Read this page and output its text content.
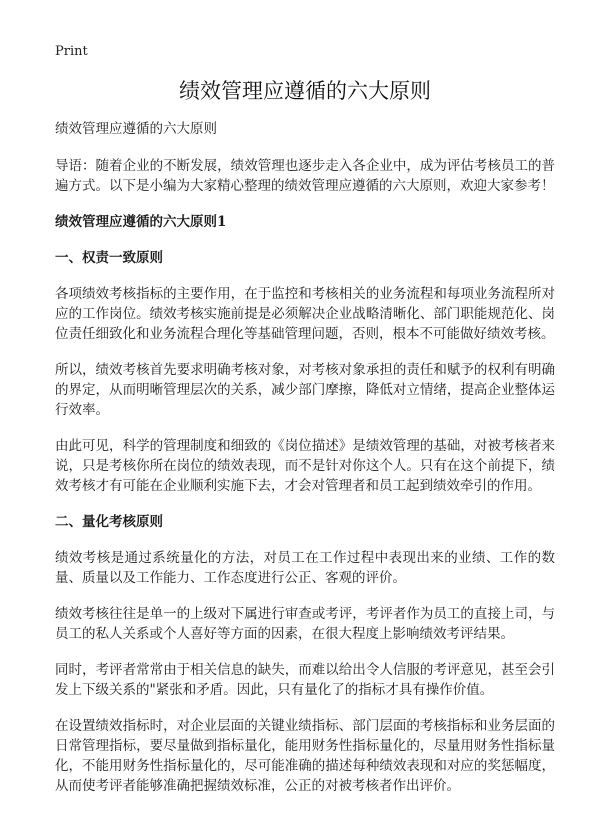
Print
绩效管理应遵循的六大原则

绩效管理应遵循的六大原则

导语：随着企业的不断发展，绩效管理也逐步走入各企业中，成为评估考核员工的普遍方式。以下是小编为大家精心整理的绩效管理应遵循的六大原则，欢迎大家参考！

绩效管理应遵循的六大原则1
一、权责一致原则

各项绩效考核指标的主要作用，在于监控和考核相关的业务流程和每项业务流程所对应的工作岗位。绩效考核实施前提是必须解决企业战略清晰化、部门职能规范化、岗位责任细致化和业务流程合理化等基础管理问题，否则，根本不可能做好绩效考核。

所以，绩效考核首先要求明确考核对象，对考核对象承担的责任和赋予的权利有明确的界定，从而明晰管理层次的关系，减少部门摩擦，降低对立情绪，提高企业整体运行效率。

由此可见，科学的管理制度和细致的《岗位描述》是绩效管理的基础，对被考核者来说，只是考核你所在岗位的绩效表现，而不是针对你这个人。只有在这个前提下，绩效考核才有可能在企业顺利实施下去，才会对管理者和员工起到绩效牵引的作用。

二、量化考核原则

绩效考核是通过系统量化的方法，对员工在工作过程中表现出来的业绩、工作的数量、质量以及工作能力、工作态度进行公正、客观的评价。

绩效考核往往是单一的上级对下属进行审查或考评，考评者作为员工的直接上司，与员工的私人关系或个人喜好等方面的因素，在很大程度上影响绩效考评结果。

同时，考评者常常由于相关信息的缺失，而难以给出令人信服的考评意见，甚至会引发上下级关系的"紧张和矛盾。因此，只有量化了的指标才具有操作价值。

在设置绩效指标时，对企业层面的关键业绩指标、部门层面的考核指标和业务层面的日常管理指标，要尽量做到指标量化，能用财务性指标量化的，尽量用财务性指标量化，不能用财务性指标量化的，尽可能准确的描述每种绩效表现和对应的奖惩幅度，从而使考评者能够准确把握绩效标准，公正的对被考核者作出评价。
